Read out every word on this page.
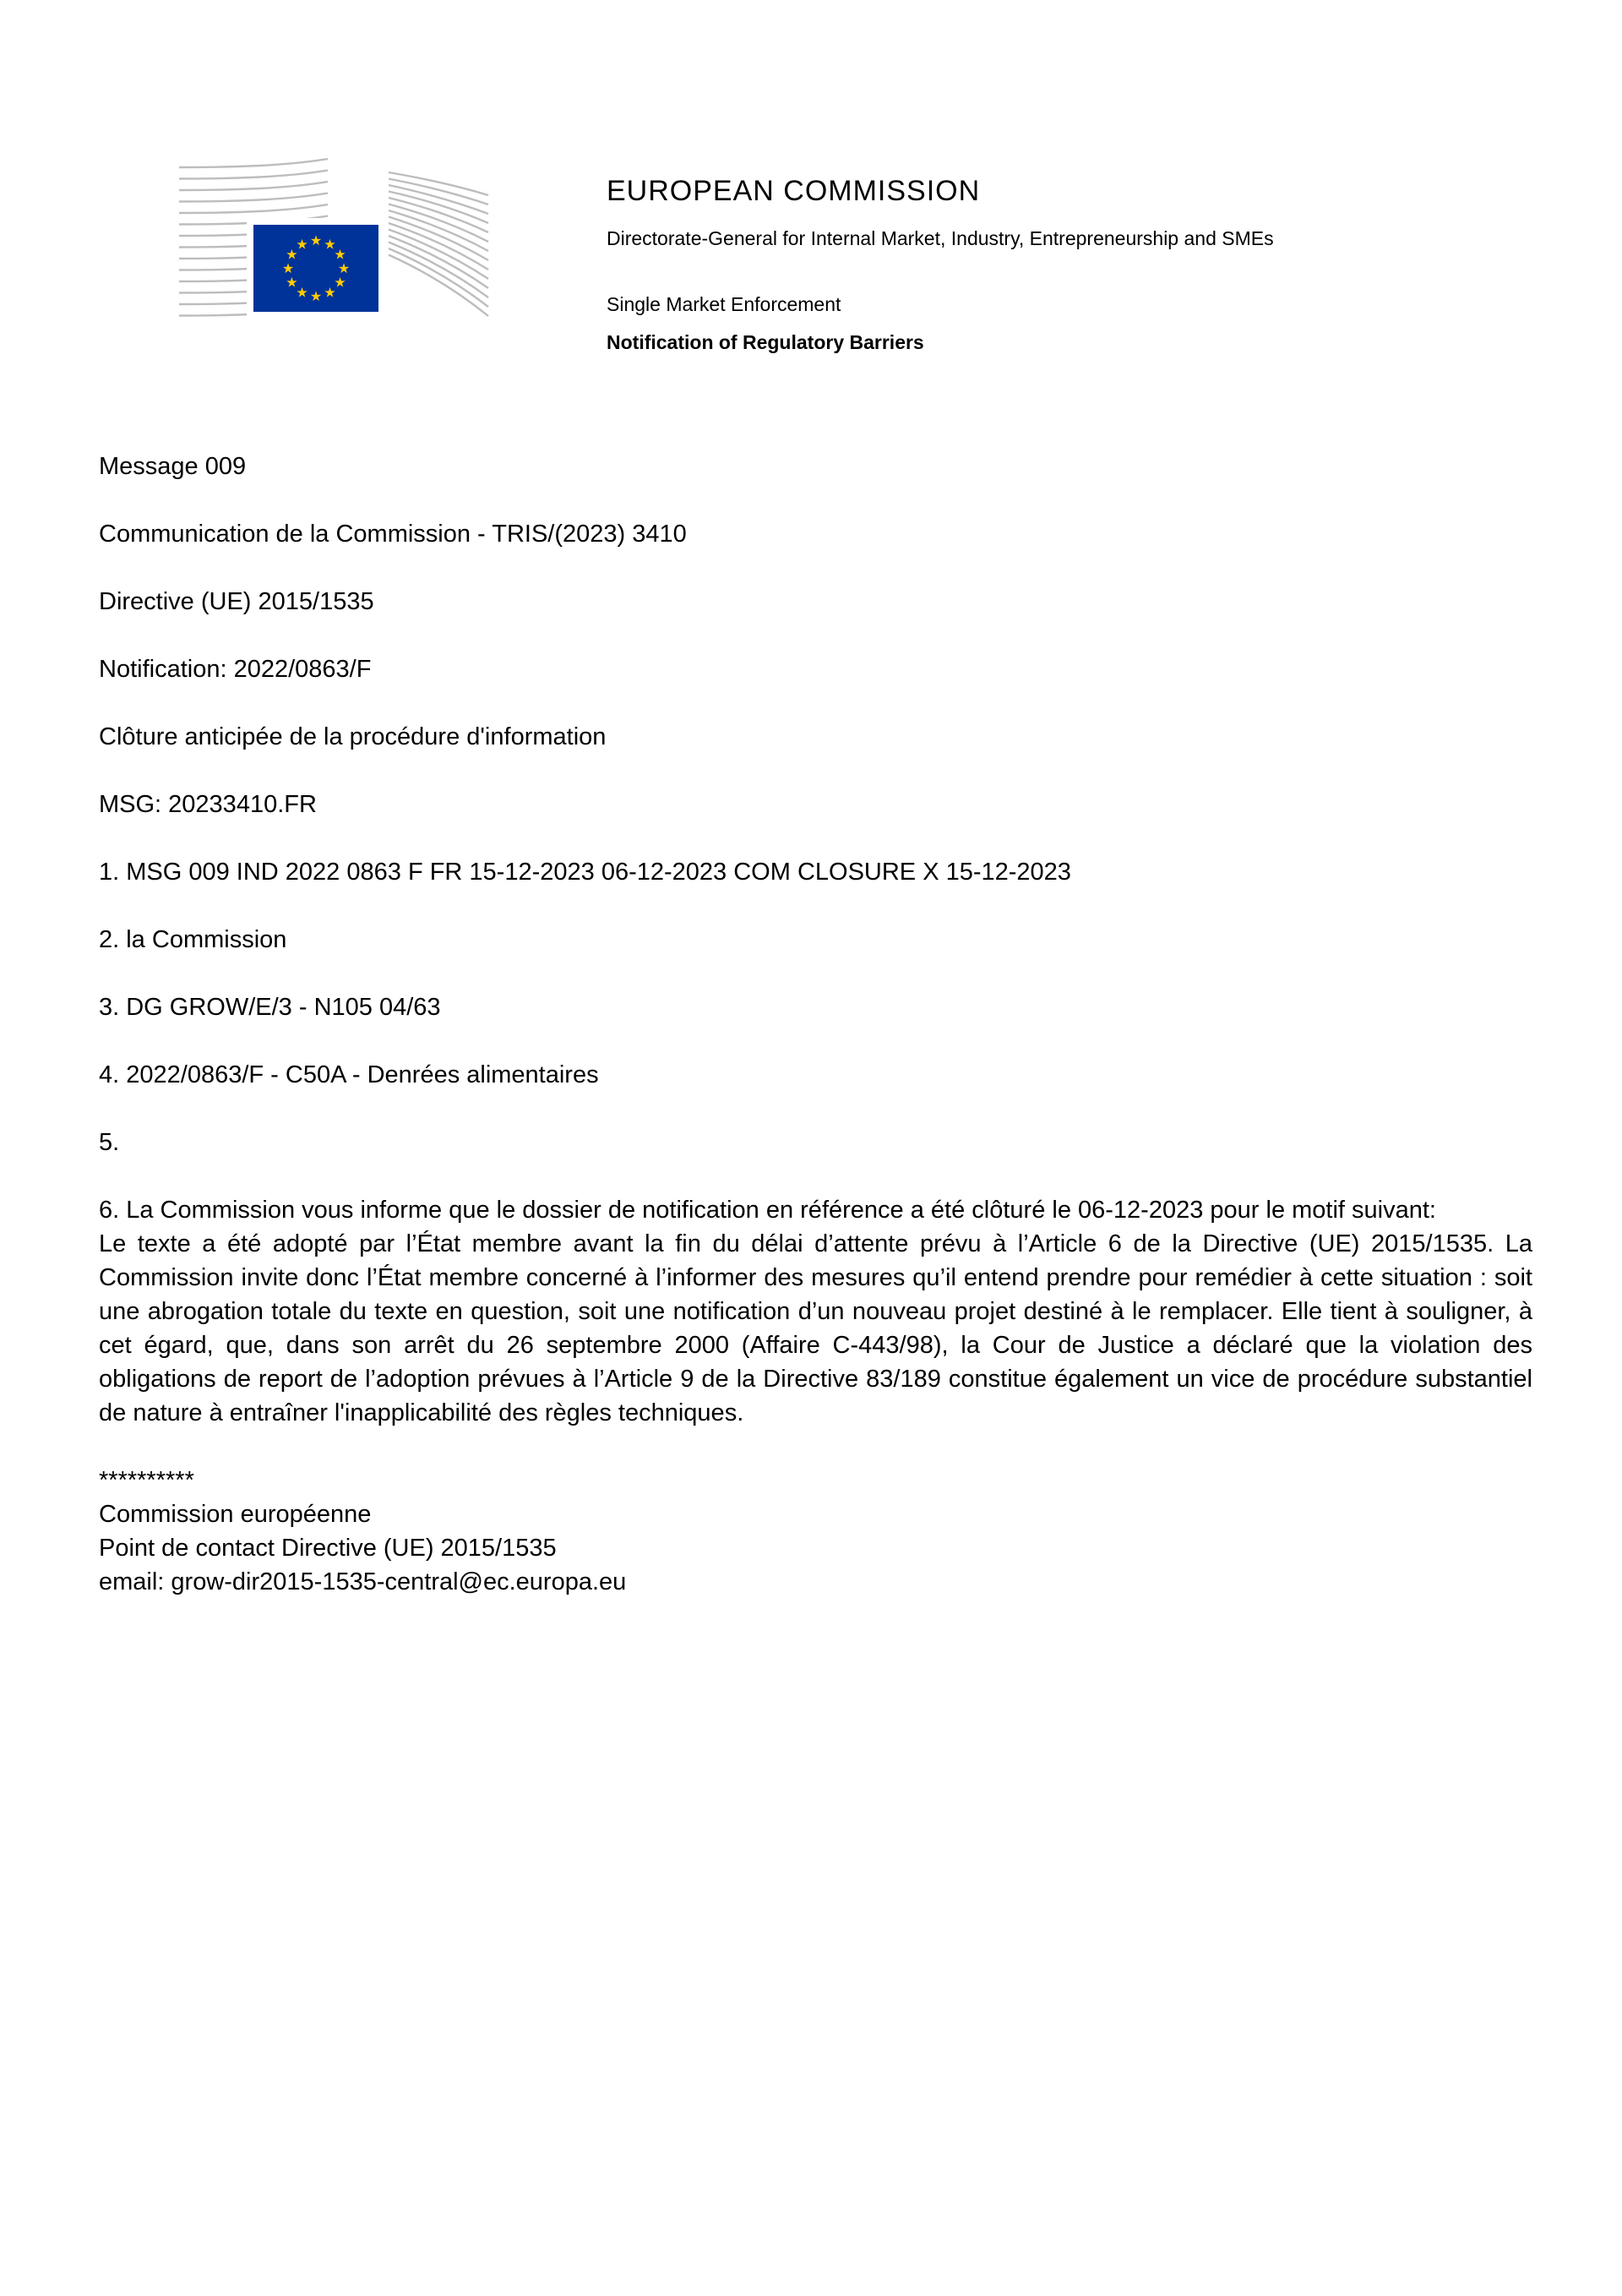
★ ★
★
★
★
★
★
★
★
★
★
★
EUROPEAN COMMISSION
Directorate-General for Internal Market, Industry, Entrepreneurship and SMEs
Single Market Enforcement
Notification of Regulatory Barriers

Message 009

Communication de la Commission - TRIS/(2023) 3410

Directive (UE) 2015/1535

Notification: 2022/0863/F

Clôture anticipée de la procédure d'information

MSG: 20233410.FR

1. MSG 009 IND 2022 0863 F FR 15-12-2023 06-12-2023 COM CLOSURE X 15-12-2023

2. la Commission

3. DG GROW/E/3 - N105 04/63

4. 2022/0863/F - C50A - Denrées alimentaires

5.

6. La Commission vous informe que le dossier de notification en référence a été clôturé le 06-12-2023 pour le motif suivant:
Le texte a été adopté par l’État membre avant la fin du délai d’attente prévu à l’Article 6 de la Directive (UE) 2015/1535. La Commission invite donc l’État membre concerné à l’informer des mesures qu’il entend prendre pour remédier à cette situation : soit une abrogation totale du texte en question, soit une notification d’un nouveau projet destiné à le remplacer. Elle tient à souligner, à cet égard, que, dans son arrêt du 26 septembre 2000 (Affaire C-443/98), la Cour de Justice a déclaré que la violation des obligations de report de l’adoption prévues à l’Article 9 de la Directive 83/189 constitue également un vice de procédure substantiel de nature à entraîner l'inapplicabilité des règles techniques.

**********
Commission européenne
Point de contact Directive (UE) 2015/1535
email: grow-dir2015-1535-central@ec.europa.eu
